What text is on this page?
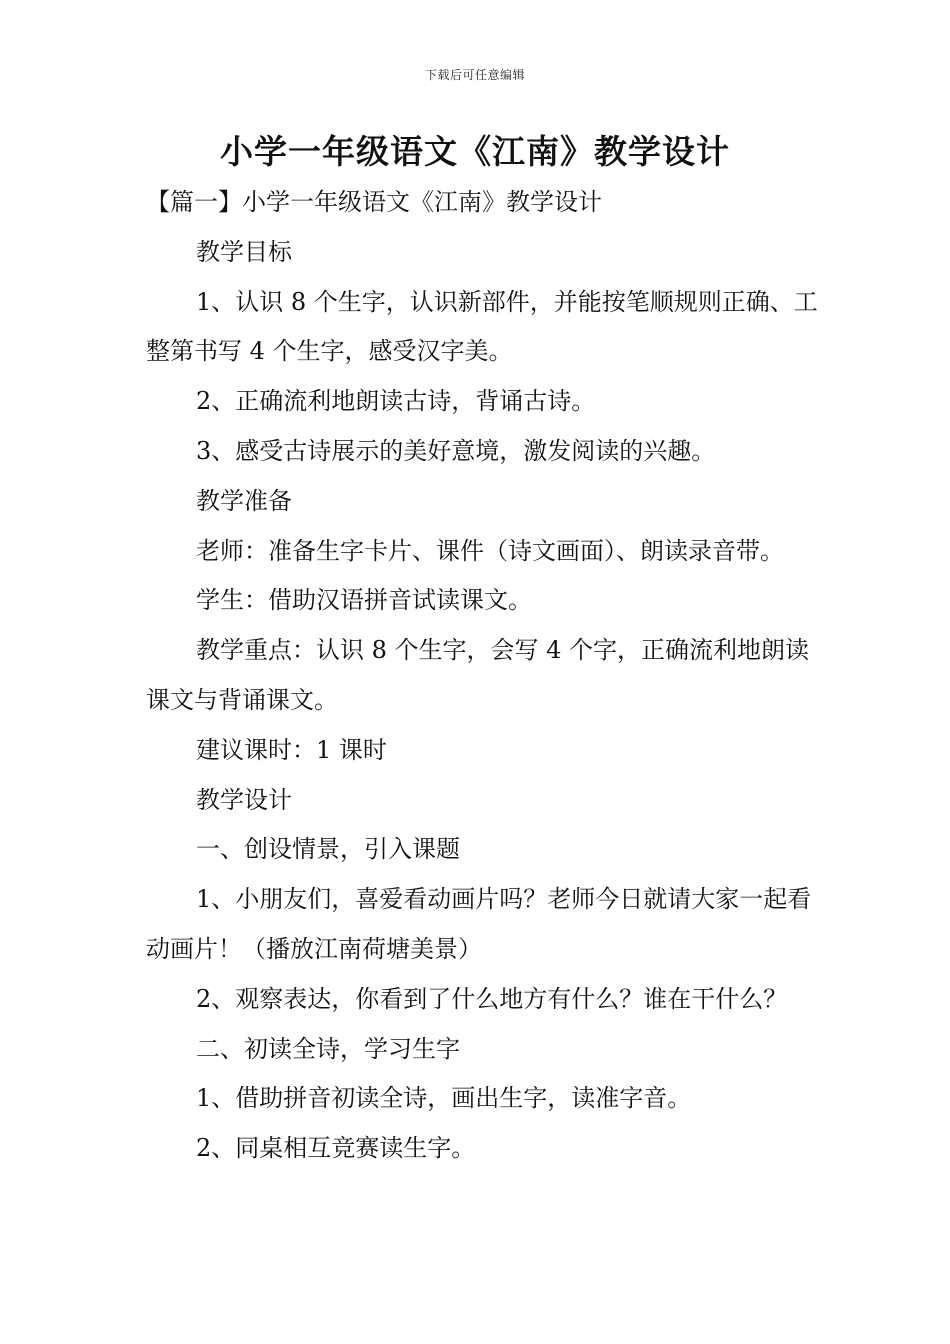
下载后可任意编辑
小学一年级语文《江南》教学设计

【篇一】小学一年级语文《江南》教学设计

教学目标

1、认识 8 个生字，认识新部件，并能按笔顺规则正确、工整第书写 4 个生字，感受汉字美。

2、正确流利地朗读古诗，背诵古诗。

3、感受古诗展示的美好意境，激发阅读的兴趣。

教学准备

老师：准备生字卡片、课件（诗文画面）、朗读录音带。

学生：借助汉语拼音试读课文。

教学重点：认识 8 个生字，会写 4 个字，正确流利地朗读课文与背诵课文。

建议课时：1 课时

教学设计

一、创设情景，引入课题

1、小朋友们，喜爱看动画片吗？老师今日就请大家一起看动画片！（播放江南荷塘美景）

2、观察表达，你看到了什么地方有什么？谁在干什么？

二、初读全诗，学习生字

1、借助拼音初读全诗，画出生字，读准字音。

2、同桌相互竞赛读生字。
